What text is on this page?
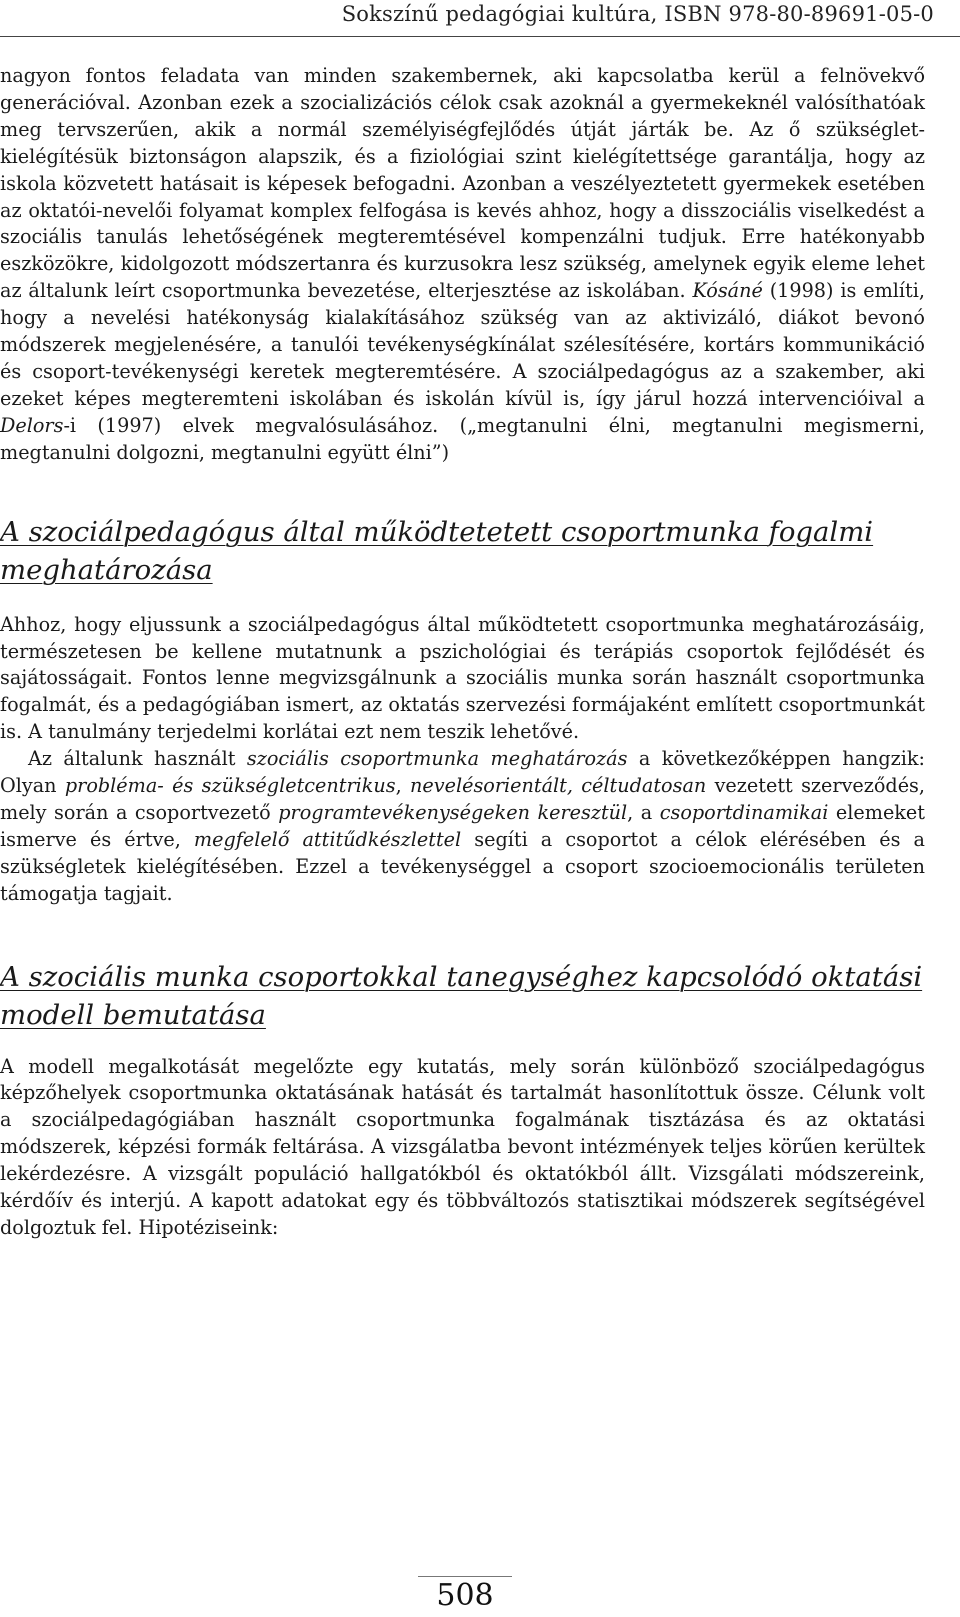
Sokszínű pedagógiai kultúra, ISBN 978-80-89691-05-0

nagyon fontos feladata van minden szakembernek, aki kapcsolatba kerül a felnövekvő generációval. Azonban ezek a szocializációs célok csak azoknál a gyermekeknél valósíthatóak meg tervszerűen, akik a normál személyiségfejlődés útját járták be. Az ő szükséglet-kielégítésük biztonságon alapszik, és a fiziológiai szint kielégítettsége garantálja, hogy az iskola közvetett hatásait is képesek befogadni. Azonban a veszélyeztetett gyermekek esetében az oktatói-nevelői folyamat komplex felfogása is kevés ahhoz, hogy a disszociális viselkedést a szociális tanulás lehetőségének megteremtésével kompenzálni tudjuk. Erre hatékonyabb eszközökre, kidolgozott módszertanra és kurzusokra lesz szükség, amelynek egyik eleme lehet az általunk leírt csoportmunka bevezetése, elterjesztése az iskolában. Kósáné (1998) is említi, hogy a nevelési hatékonyság kialakításához szükség van az aktivizáló, diákot bevonó módszerek megjelenésére, a tanulói tevékenységkínálat szélesítésére, kortárs kommunikáció és csoport-tevékenységi keretek megteremtésére. A szociálpedagógus az a szakember, aki ezeket képes megteremteni iskolában és iskolán kívül is, így járul hozzá intervencióival a Delors-i (1997) elvek megvalósulásához. („megtanulni élni, megtanulni megismerni, megtanulni dolgozni, megtanulni együtt élni”)

A szociálpedagógus által működtetetett csoportmunka fogalmi meghatározása

Ahhoz, hogy eljussunk a szociálpedagógus által működtetett csoportmunka meghatározásáig, természetesen be kellene mutatnunk a pszichológiai és terápiás csoportok fejlődését és sajátosságait. Fontos lenne megvizsgálnunk a szociális munka során használt csoportmunka fogalmát, és a pedagógiában ismert, az oktatás szervezési formájaként említett csoportmunkát is. A tanulmány terjedelmi korlátai ezt nem teszik lehetővé.

Az általunk használt szociális csoportmunka meghatározás a következőképpen hangzik: Olyan probléma- és szükségletcentrikus, nevelésorientált, céltudatosan vezetett szerveződés, mely során a csoportvezető programtevékenységeken keresztül, a csoportdinamikai elemeket ismerve és értve, megfelelő attitűdkészlettel segíti a csoportot a célok elérésében és a szükségletek kielégítésében. Ezzel a tevékenységgel a csoport szocioemocionális területen támogatja tagjait.

A szociális munka csoportokkal tanegységhez kapcsolódó oktatási modell bemutatása

A modell megalkotását megelőzte egy kutatás, mely során különböző szociálpedagógus képzőhelyek csoportmunka oktatásának hatását és tartalmát hasonlítottuk össze. Célunk volt a szociálpedagógiában használt csoportmunka fogalmának tisztázása és az oktatási módszerek, képzési formák feltárása. A vizsgálatba bevont intézmények teljes körűen kerültek lekérdezésre. A vizsgált populáció hallgatókból és oktatókból állt. Vizsgálati módszereink, kérdőív és interjú. A kapott adatokat egy és többváltozós statisztikai módszerek segítségével dolgoztuk fel. Hipotéziseink:

508
